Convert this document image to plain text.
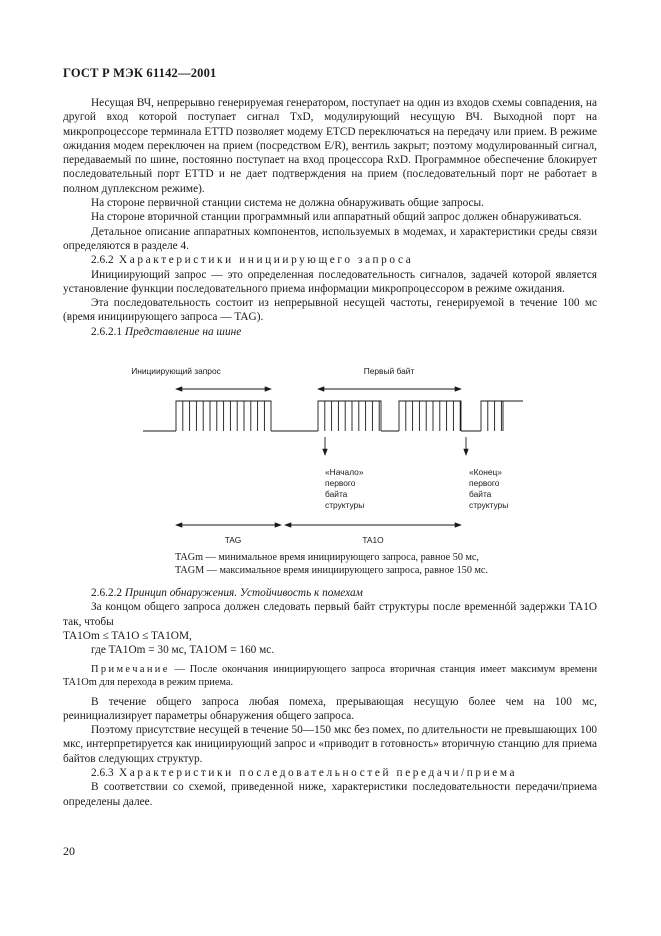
ГОСТ Р МЭК 61142—2001

Несущая ВЧ, непрерывно генерируемая генератором, поступает на один из входов схемы совпадения, на другой вход которой поступает сигнал TxD, модулирующий несущую ВЧ. Выходной порт на микропроцессоре терминала ETTD позволяет модему ETCD переключаться на передачу или прием. В режиме ожидания модем переключен на прием (посредством E/R), вентиль закрыт; поэтому модулированный сигнал, передаваемый по шине, постоянно поступает на вход процессора RxD. Программное обеспечение блокирует последовательный порт ETTD и не дает подтверждения на прием (последовательный порт не работает в полном дуплексном режиме).

На стороне первичной станции система не должна обнаруживать общие запросы.

На стороне вторичной станции программный или аппаратный общий запрос должен обнаруживаться.

Детальное описание аппаратных компонентов, используемых в модемах, и характеристики среды связи определяются в разделе 4.

2.6.2 Характеристики инициирующего запроса

Инициирующий запрос — это определенная последовательность сигналов, задачей которой является установление функции последовательного приема информации микропроцессором в режиме ожидания.

Эта последовательность состоит из непрерывной несущей частоты, генерируемой в течение 100 мс (время инициирующего запроса — TAG).

2.6.2.1 Представление на шине

Инициирующий запрос	Первый байт
«Начало»
первого
байта
структуры
«Конец»
первого
байта
структуры
TAG	TA1O
TAGm — минимальное время инициирующего запроса, равное 50 мс,
TAGM — максимальное время инициирующего запроса, равное 150 мс.

2.6.2.2 Принцип обнаружения. Устойчивость к помехам

За концом общего запроса должен следовать первый байт структуры после временнóй задержки TA1O так, чтобы

TA1Om ≤ TA1O ≤ TA1OM,

где TA1Om = 30 мс, TA1OM = 160 мс.

Примечание — После окончания инициирующего запроса вторичная станция имеет максимум времени TA1Om для перехода в режим приема.

В течение общего запроса любая помеха, прерывающая несущую более чем на 100 мс, реинициализирует параметры обнаружения общего запроса.

Поэтому присутствие несущей в течение 50—150 мкс без помех, по длительности не превышающих 100 мкс, интерпретируется как инициирующий запрос и «приводит в готовность» вторичную станцию для приема байтов следующих структур.

2.6.3 Характеристики последовательностей передачи/приема

В соответствии со схемой, приведенной ниже, характеристики последовательности передачи/приема определены далее.

20
